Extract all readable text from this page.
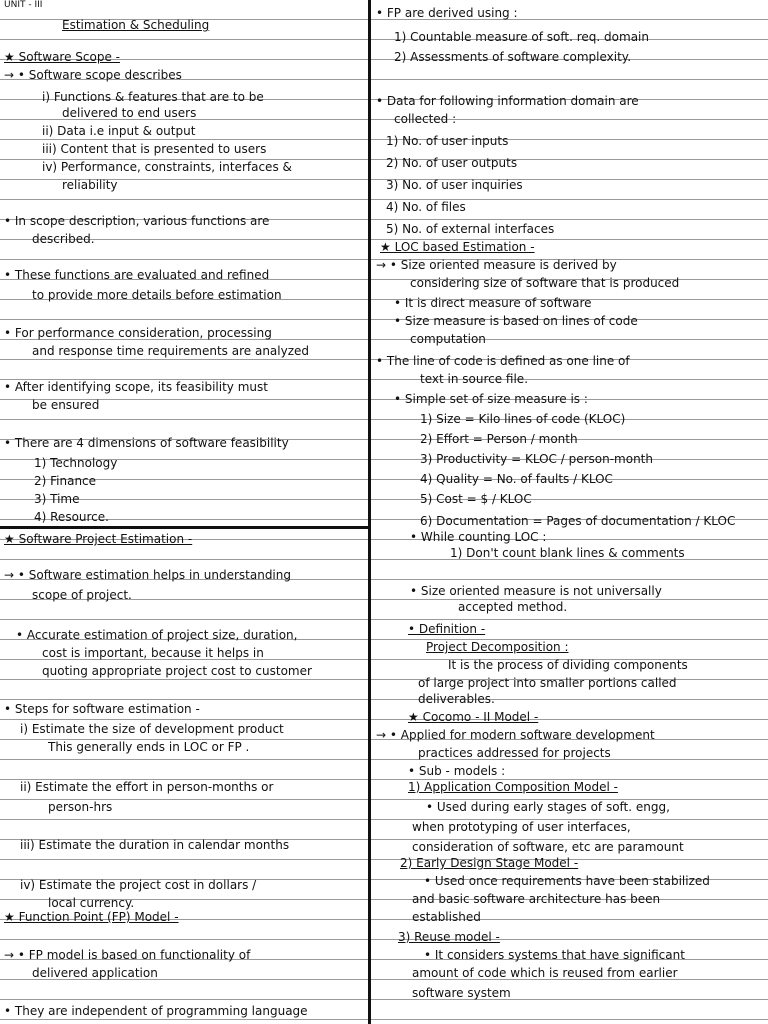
UNIT - III
Estimation & Scheduling
★ Software Scope -
→ • Software scope describes
i) Functions & features that are to be
delivered to end users
ii) Data i.e input & output
iii) Content that is presented to users
iv) Performance, constraints, interfaces &
reliability
• In scope description, various functions are
described.
• These functions are evaluated and refined
to provide more details before estimation
• For performance consideration, processing
and response time requirements are analyzed
• After identifying scope, its feasibility must
be ensured
• There are 4 dimensions of software feasibility
1) Technology
2) Finance
3) Time
4) Resource.
★ Software Project Estimation -
→ • Software estimation helps in understanding
scope of project.
• Accurate estimation of project size, duration,
cost is important, because it helps in
quoting appropriate project cost to customer
• Steps for software estimation -
i) Estimate the size of development product
This generally ends in LOC or FP .
ii) Estimate the effort in person-months or
person-hrs
iii) Estimate the duration in calendar months
iv) Estimate the project cost in dollars /
local currency.
★ Function Point (FP) Model -
→ • FP model is based on functionality of
delivered application
• They are independent of programming language
• FP are derived using :
1) Countable measure of soft. req. domain
2) Assessments of software complexity.
• Data for following information domain are
collected :
1) No. of user inputs
2) No. of user outputs
3) No. of user inquiries
4) No. of files
5) No. of external interfaces
★ LOC based Estimation -
→ • Size oriented measure is derived by
considering size of software that is produced
• It is direct measure of software
• Size measure is based on lines of code
computation
• The line of code is defined as one line of
text in source file.
• Simple set of size measure is :
1) Size = Kilo lines of code (KLOC)
2) Effort = Person / month
3) Productivity = KLOC / person-month
4) Quality = No. of faults / KLOC
5) Cost = $ / KLOC
6) Documentation = Pages of documentation / KLOC
• While counting LOC :
1) Don't count blank lines & comments
• Size oriented measure is not universally
accepted method.
• Definition -
Project Decomposition :
It is the process of dividing components
of large project into smaller portions called
deliverables.
★ Cocomo - II Model -
→ • Applied for modern software development
practices addressed for projects
• Sub - models :
1) Application Composition Model -
• Used during early stages of soft. engg,
when prototyping of user interfaces,
consideration of software, etc are paramount
2) Early Design Stage Model -
• Used once requirements have been stabilized
and basic software architecture has been
established
3) Reuse model -
• It considers systems that have significant
amount of code which is reused from earlier
software system
